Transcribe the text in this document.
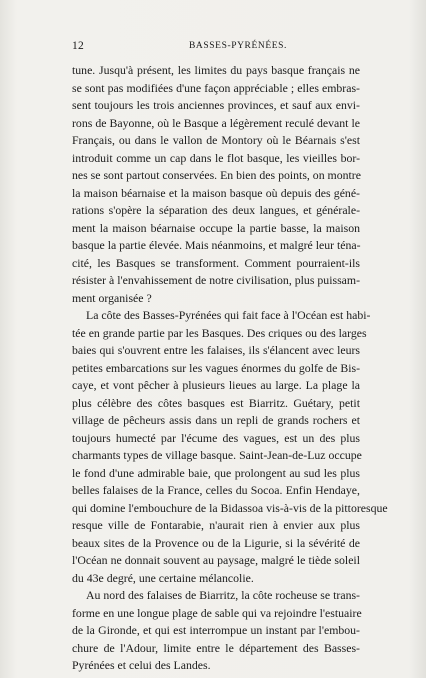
12	BASSES-PYRÉNÉES.
tune. Jusqu'à présent, les limites du pays basque français ne
se sont pas modifiées d'une façon appréciable ; elles embras-
sent toujours les trois anciennes provinces, et sauf aux envi-
rons de Bayonne, où le Basque a légèrement reculé devant le
Français, ou dans le vallon de Montory où le Béarnais s'est
introduit comme un cap dans le flot basque, les vieilles bor-
nes se sont partout conservées. En bien des points, on montre
la maison béarnaise et la maison basque où depuis des géné-
rations s'opère la séparation des deux langues, et générale-
ment la maison béarnaise occupe la partie basse, la maison
basque la partie élevée. Mais néanmoins, et malgré leur téna-
cité, les Basques se transforment. Comment pourraient-ils
résister à l'envahissement de notre civilisation, plus puissam-
ment organisée ?
La côte des Basses-Pyrénées qui fait face à l'Océan est habi-
tée en grande partie par les Basques. Des criques ou des larges
baies qui s'ouvrent entre les falaises, ils s'élancent avec leurs
petites embarcations sur les vagues énormes du golfe de Bis-
caye, et vont pêcher à plusieurs lieues au large. La plage la
plus célèbre des côtes basques est Biarritz. Guétary, petit
village de pêcheurs assis dans un repli de grands rochers et
toujours humecté par l'écume des vagues, est un des plus
charmants types de village basque. Saint-Jean-de-Luz occupe
le fond d'une admirable baie, que prolongent au sud les plus
belles falaises de la France, celles du Socoa. Enfin Hendaye,
qui domine l'embouchure de la Bidassoa vis-à-vis de la pittoresque
resque ville de Fontarabie, n'aurait rien à envier aux plus
beaux sites de la Provence ou de la Ligurie, si la sévérité de
l'Océan ne donnait souvent au paysage, malgré le tiède soleil
du 43e degré, une certaine mélancolie.
Au nord des falaises de Biarritz, la côte rocheuse se trans-
forme en une longue plage de sable qui va rejoindre l'estuaire
de la Gironde, et qui est interrompue un instant par l'embou-
chure de l'Adour, limite entre le département des Basses-
Pyrénées et celui des Landes.
